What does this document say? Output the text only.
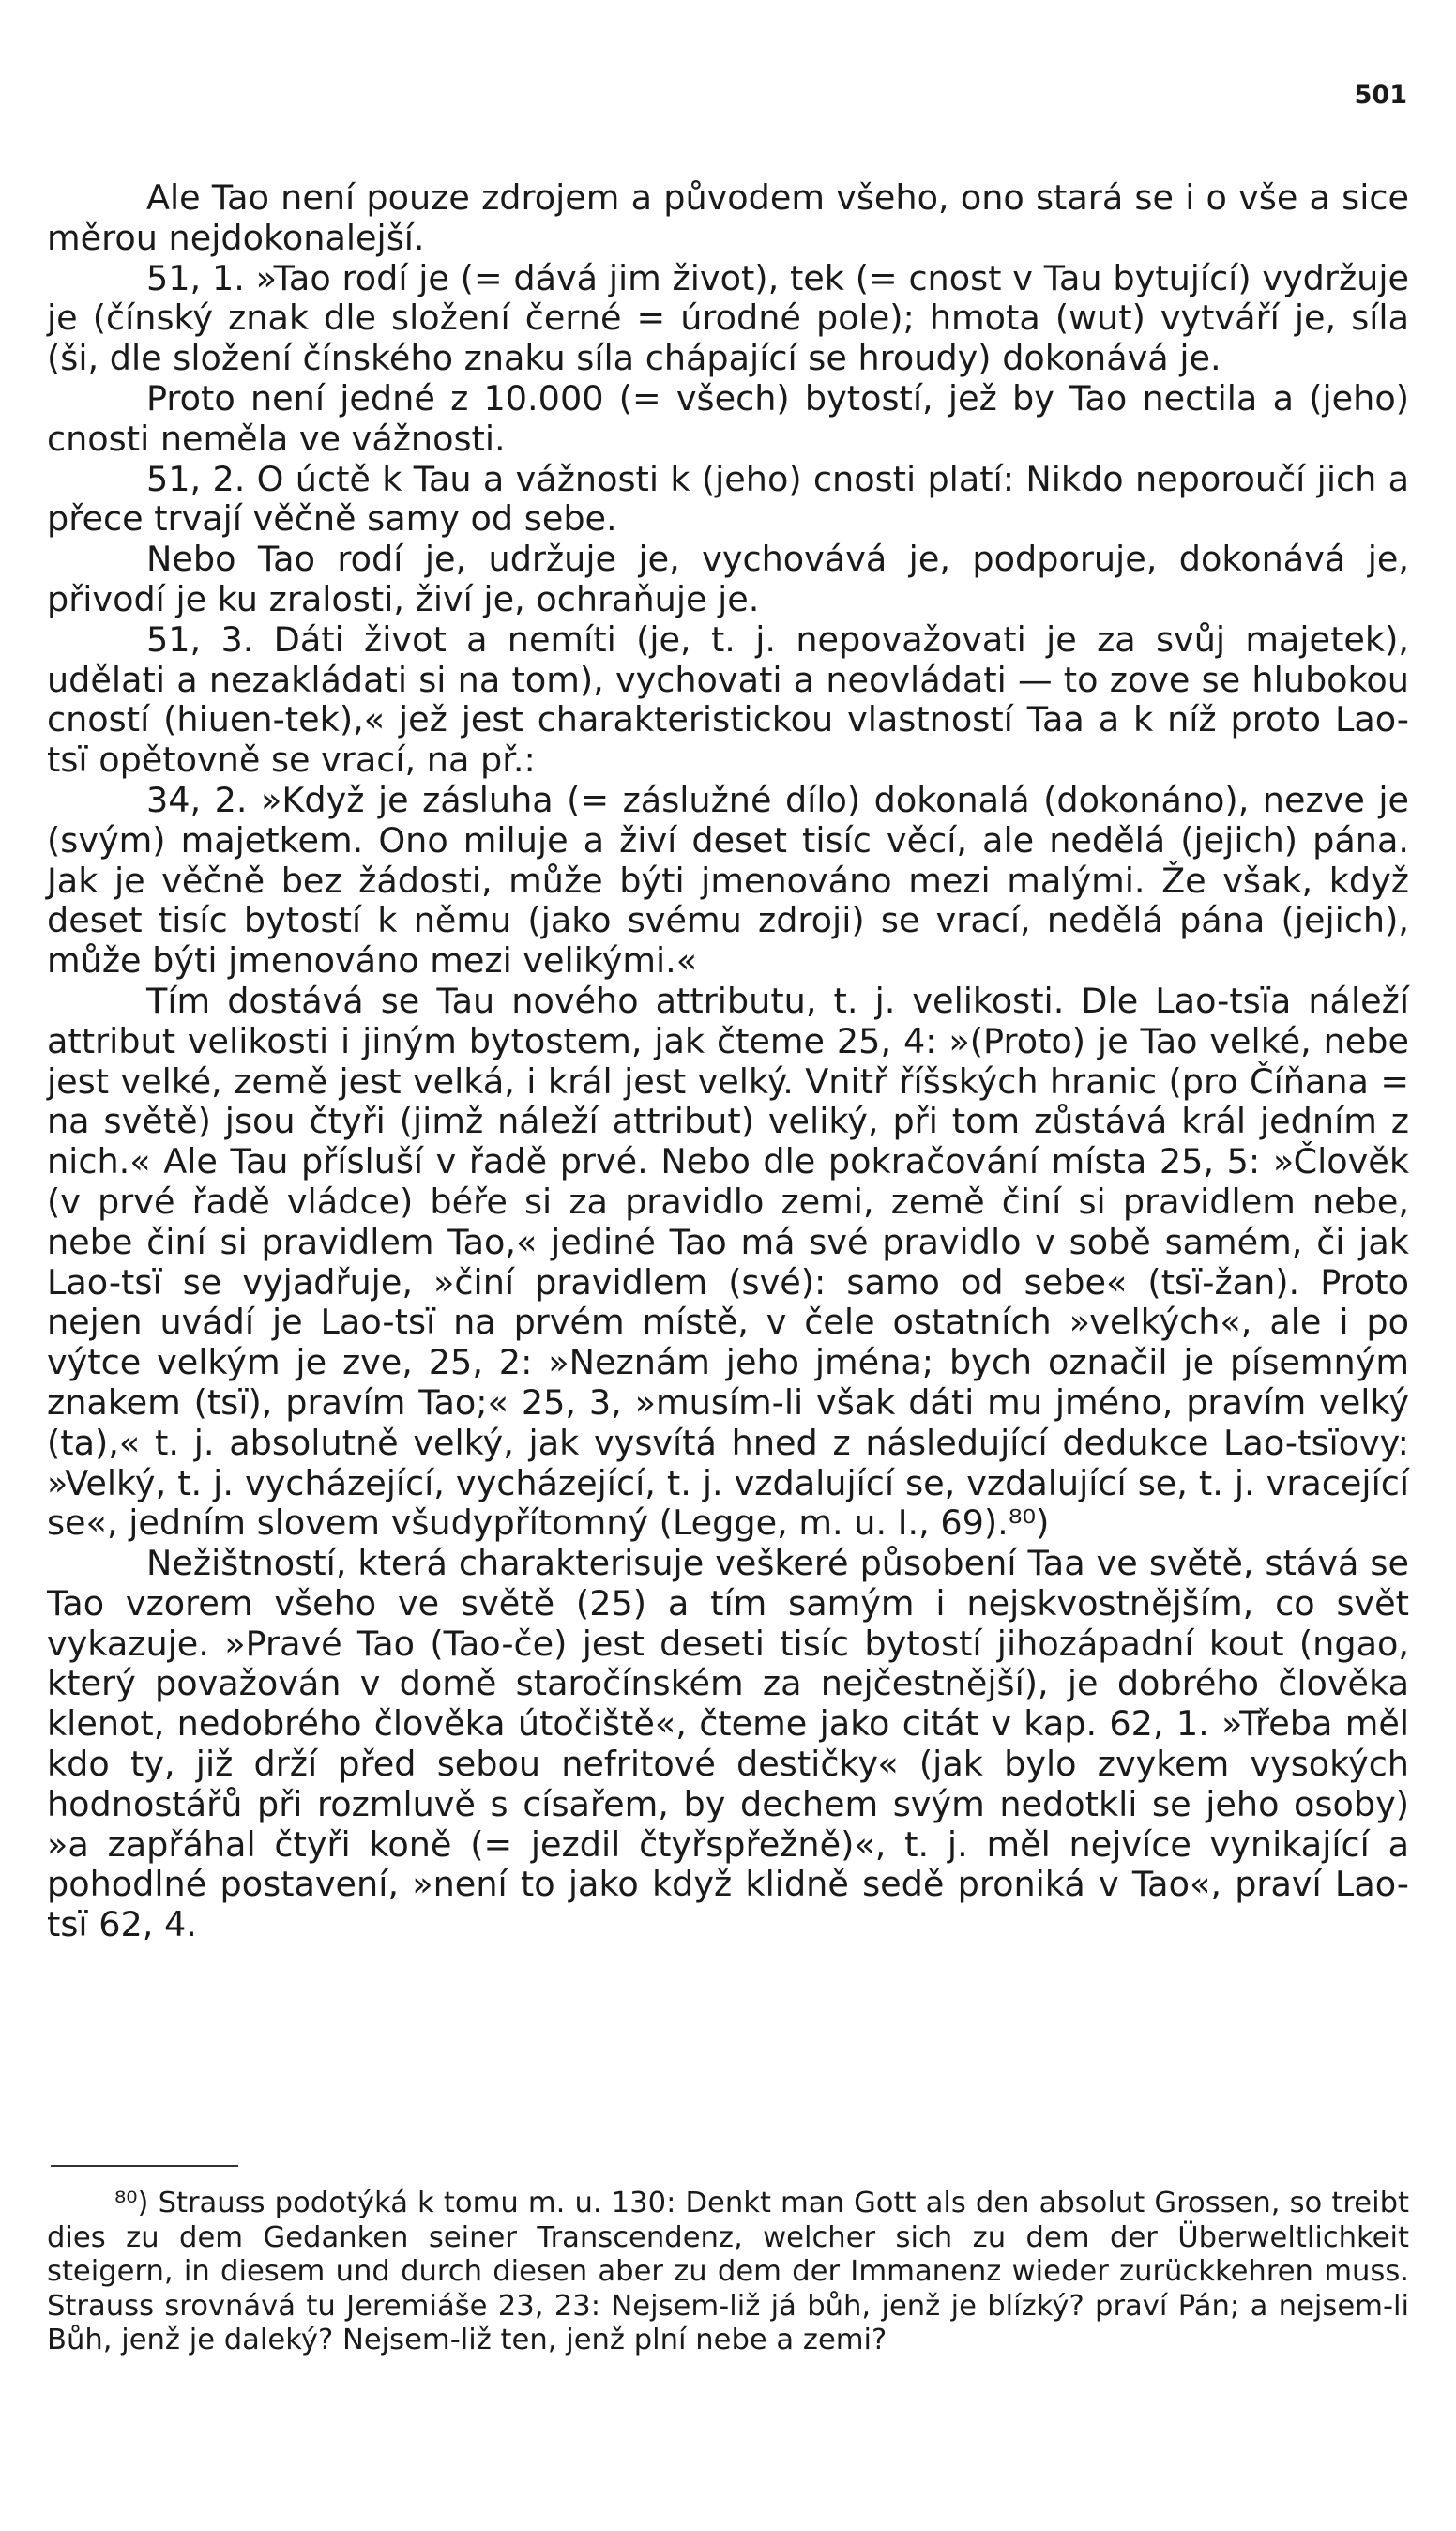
501

Ale Tao není pouze zdrojem a původem všeho, ono stará se i o vše a sice měrou nejdokonalejší.

51, 1. »Tao rodí je (= dává jim život), tek (= cnost v Tau bytující) vydržuje je (čínský znak dle složení černé = úrodné pole); hmota (wut) vytváří je, síla (ši, dle složení čínského znaku síla chápající se hroudy) dokonává je.

Proto není jedné z 10.000 (= všech) bytostí, jež by Tao nectila a (jeho) cnosti neměla ve vážnosti.

51, 2. O úctě k Tau a vážnosti k (jeho) cnosti platí: Nikdo neporoučí jich a přece trvají věčně samy od sebe.

Nebo Tao rodí je, udržuje je, vychovává je, podporuje, dokonává je, přivodí je ku zralosti, živí je, ochraňuje je.

51, 3. Dáti život a nemíti (je, t. j. nepovažovati je za svůj majetek), udělati a nezakládati si na tom), vychovati a neovládati — to zove se hlubokou cností (hiuen-tek),« jež jest charakteristickou vlastností Taa a k níž proto Lao-tsï opětovně se vrací, na př.:

34, 2. »Když je zásluha (= záslužné dílo) dokonalá (dokonáno), nezve je (svým) majetkem. Ono miluje a živí deset tisíc věcí, ale nedělá (jejich) pána. Jak je věčně bez žádosti, může býti jmenováno mezi malými. Že však, když deset tisíc bytostí k němu (jako svému zdroji) se vrací, nedělá pána (jejich), může býti jmenováno mezi velikými.«

Tím dostává se Tau nového attributu, t. j. velikosti. Dle Lao-tsïa náleží attribut velikosti i jiným bytostem, jak čteme 25, 4: »(Proto) je Tao velké, nebe jest velké, země jest velká, i král jest velký. Vnitř říšských hranic (pro Číňana = na světě) jsou čtyři (jimž náleží attribut) veliký, při tom zůstává král jedním z nich.« Ale Tau přísluší v řadě prvé. Nebo dle pokračování místa 25, 5: »Člověk (v prvé řadě vládce) béře si za pravidlo zemi, země činí si pravidlem nebe, nebe činí si pravidlem Tao,« jediné Tao má své pravidlo v sobě samém, či jak Lao-tsï se vyjadřuje, »činí pravidlem (své): samo od sebe« (tsï-žan). Proto nejen uvádí je Lao-tsï na prvém místě, v čele ostatních »velkých«, ale i po výtce velkým je zve, 25, 2: »Neznám jeho jména; bych označil je písemným znakem (tsï), pravím Tao;« 25, 3, »musím-li však dáti mu jméno, pravím velký (ta),« t. j. absolutně velký, jak vysvítá hned z následující dedukce Lao-tsïovy: »Velký, t. j. vycházející, vycházející, t. j. vzdalující se, vzdalující se, t. j. vracející se«, jedním slovem všudypřítomný (Legge, m. u. I., 69).⁸⁰)

Nežištností, která charakterisuje veškeré působení Taa ve světě, stává se Tao vzorem všeho ve světě (25) a tím samým i nejskvostnějším, co svět vykazuje. »Pravé Tao (Tao-če) jest deseti tisíc bytostí jihozápadní kout (ngao, který považován v domě staročínském za nejčestnější), je dobrého člověka klenot, nedobrého člověka útočiště«, čteme jako citát v kap. 62, 1. »Třeba měl kdo ty, již drží před sebou nefritové destičky« (jak bylo zvykem vysokých hodnostářů při rozmluvě s císařem, by dechem svým nedotkli se jeho osoby) »a zapřáhal čtyři koně (= jezdil čtyřspřežně)«, t. j. měl nejvíce vynikající a pohodlné postavení, »není to jako když klidně sedě proniká v Tao«, praví Lao-tsï 62, 4.

⁸⁰) Strauss podotýká k tomu m. u. 130: Denkt man Gott als den absolut Grossen, so treibt dies zu dem Gedanken seiner Transcendenz, welcher sich zu dem der Überweltlichkeit steigern, in diesem und durch diesen aber zu dem der Immanenz wieder zurückkehren muss. Strauss srovnává tu Jeremiáše 23, 23: Nejsem-liž já bůh, jenž je blízký? praví Pán; a nejsem-li Bůh, jenž je daleký? Nejsem-liž ten, jenž plní nebe a zemi?
